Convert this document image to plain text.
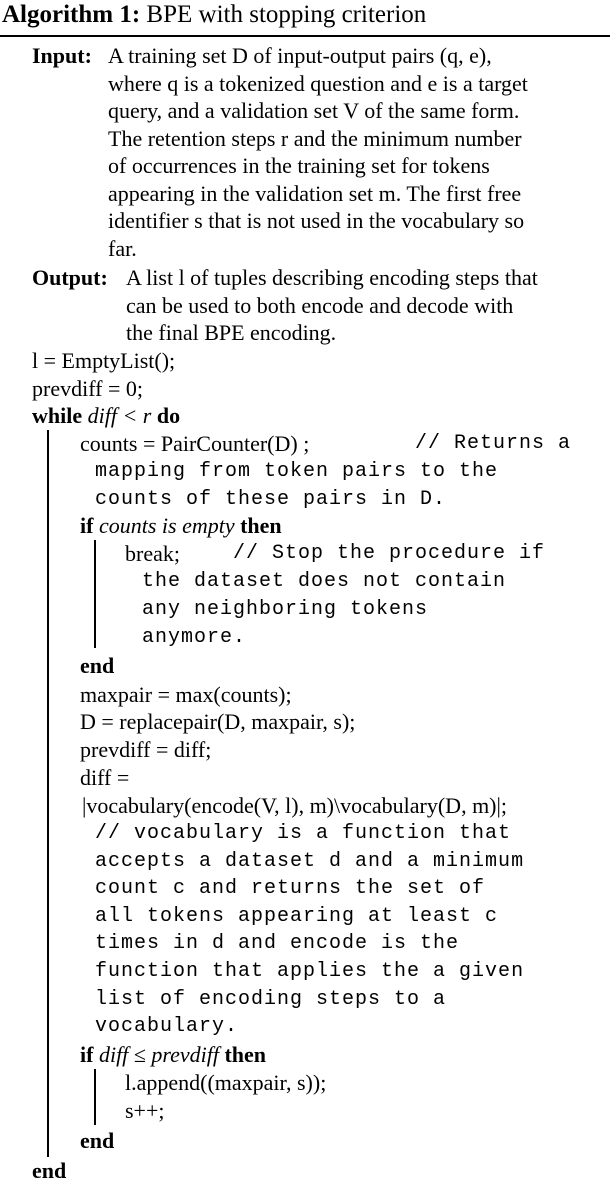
Algorithm 1: BPE with stopping criterion
Input: A training set D of input-output pairs (q, e),
where q is a tokenized question and e is a target
query, and a validation set V of the same form.
The retention steps r and the minimum number
of occurrences in the training set for tokens
appearing in the validation set m. The first free
identifier s that is not used in the vocabulary so
far.
Output: A list l of tuples describing encoding steps that
can be used to both encode and decode with
the final BPE encoding.
l = EmptyList();
prevdiff = 0;
while diff < r do
counts = PairCounter(D) ;	// Returns a
mapping from token pairs to the
counts of these pairs in D.
if counts is empty then
break;	// Stop the procedure if
the dataset does not contain
any neighboring tokens
anymore.
end
maxpair = max(counts);
D = replacepair(D, maxpair, s);
prevdiff = diff;
diff =
|vocabulary(encode(V, l), m)\vocabulary(D, m)|;
// vocabulary is a function that
accepts a dataset d and a minimum
count c and returns the set of
all tokens appearing at least c
times in d and encode is the
function that applies the a given
list of encoding steps to a
vocabulary.
if diff ≤ prevdiff then
l.append((maxpair, s));
s++;
end
end
